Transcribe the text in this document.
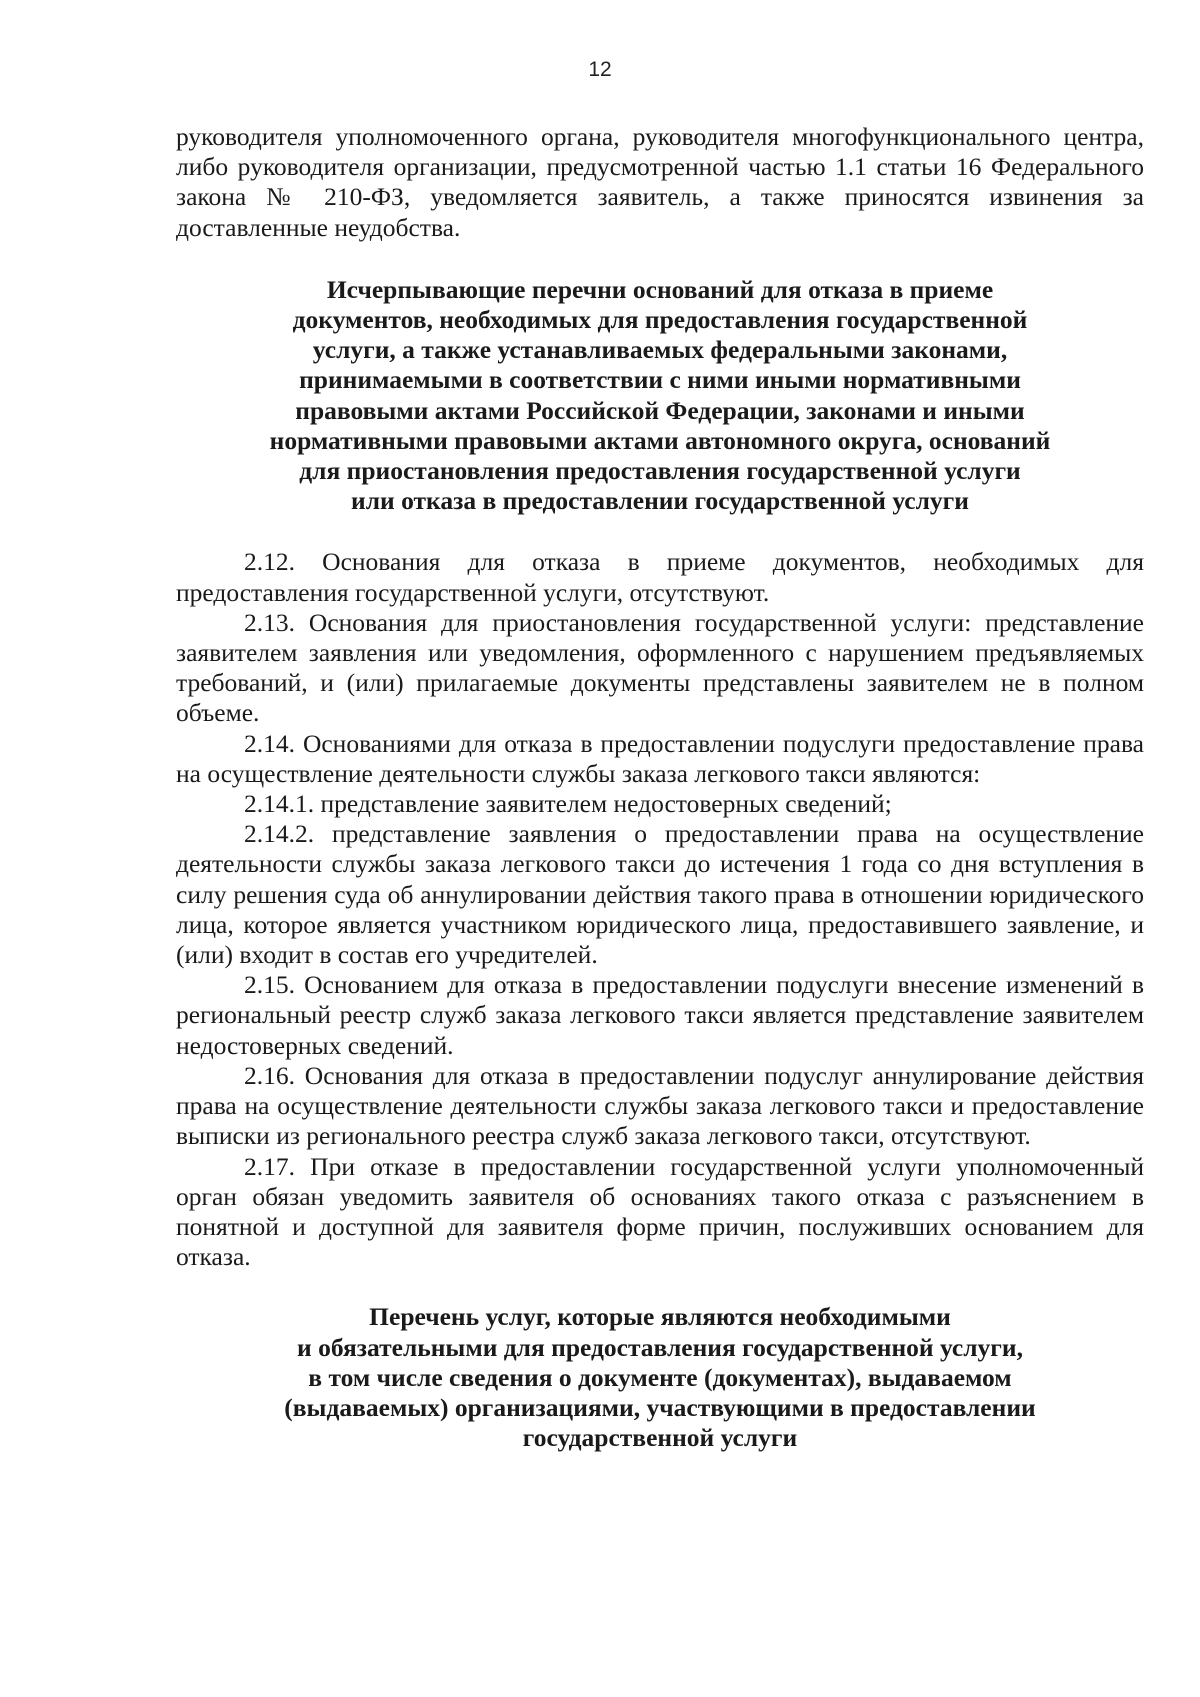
12

руководителя уполномоченного органа, руководителя многофункционального центра, либо руководителя организации, предусмотренной частью 1.1 статьи 16 Федерального закона № 210-ФЗ, уведомляется заявитель, а также приносятся извинения за доставленные неудобства.

Исчерпывающие перечни оснований для отказа в приеме
документов, необходимых для предоставления государственной
услуги, а также устанавливаемых федеральными законами,
принимаемыми в соответствии с ними иными нормативными
правовыми актами Российской Федерации, законами и иными
нормативными правовыми актами автономного округа, оснований
для приостановления предоставления государственной услуги
или отказа в предоставлении государственной услуги

2.12. Основания для отказа в приеме документов, необходимых для предоставления государственной услуги, отсутствуют.

2.13. Основания для приостановления государственной услуги: представление заявителем заявления или уведомления, оформленного с нарушением предъявляемых требований, и (или) прилагаемые документы представлены заявителем не в полном объеме.

2.14. Основаниями для отказа в предоставлении подуслуги предоставление права на осуществление деятельности службы заказа легкового такси являются:

2.14.1. представление заявителем недостоверных сведений;

2.14.2. представление заявления о предоставлении права на осуществление деятельности службы заказа легкового такси до истечения 1 года со дня вступления в силу решения суда об аннулировании действия такого права в отношении юридического лица, которое является участником юридического лица, предоставившего заявление, и (или) входит в состав его учредителей.

2.15. Основанием для отказа в предоставлении подуслуги внесение изменений в региональный реестр служб заказа легкового такси является представление заявителем недостоверных сведений.

2.16. Основания для отказа в предоставлении подуслуг аннулирование действия права на осуществление деятельности службы заказа легкового такси и предоставление выписки из регионального реестра служб заказа легкового такси, отсутствуют.

2.17. При отказе в предоставлении государственной услуги уполномоченный орган обязан уведомить заявителя об основаниях такого отказа с разъяснением в понятной и доступной для заявителя форме причин, послуживших основанием для отказа.

Перечень услуг, которые являются необходимыми
и обязательными для предоставления государственной услуги,
в том числе сведения о документе (документах), выдаваемом
(выдаваемых) организациями, участвующими в предоставлении
государственной услуги
